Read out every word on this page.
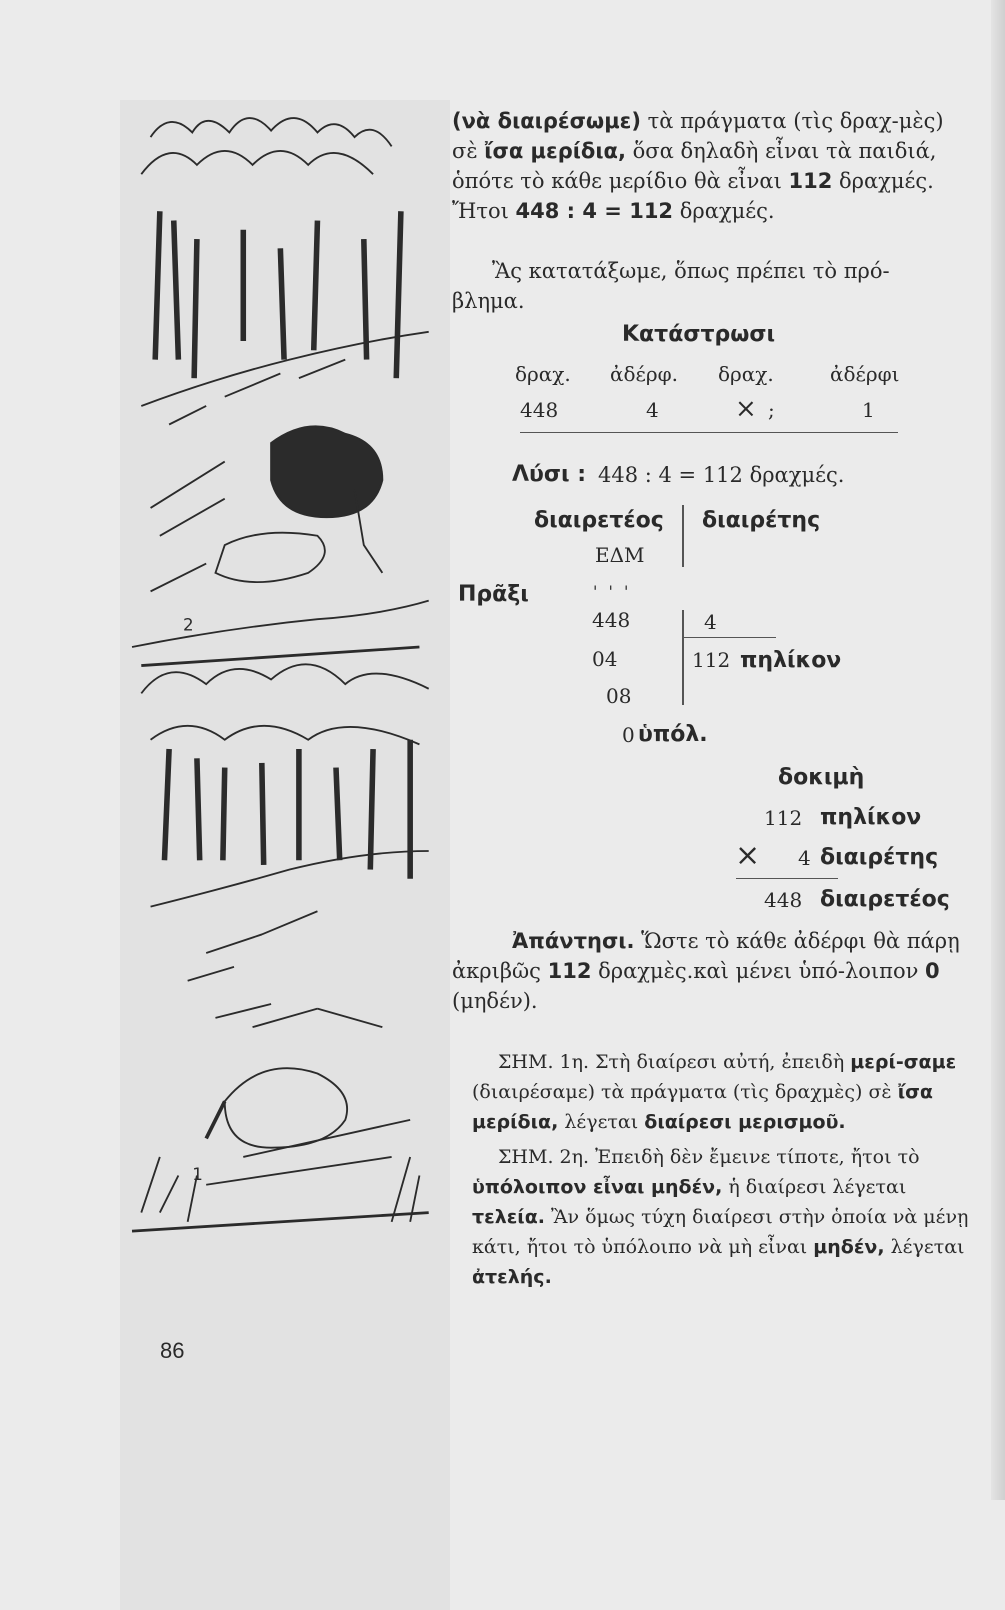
2
1

(νὰ διαιρέσωμε) τὰ πράγματα (τὶς δραχ-μὲς) σὲ ἴσα μερίδια, ὅσα δηλαδὴ εἶναι τὰ παιδιά, ὁπότε τὸ κάθε μερίδιο θὰ εἶναι 112 δραχμές. Ἤτοι 448 : 4 = 112 δραχμές.

Ἂς κατατάξωμε, ὅπως πρέπει τὸ πρό-βλημα.

Κατάστρωσι
δραχ. ἀδέρφ. δραχ.	ἀδέρφι
448	4	× ;	1
Λύσι : 448 : 4 = 112 δραχμές.
διαιρετέος διαιρέτης
ΕΔΜ
Πρᾶξι	' ' '
448	4
04	112 πηλίκον
08
0 ὑπόλ.
δοκιμὴ
112 πηλίκον
× 4 διαιρέτης
448 διαιρετέος

Ἀπάντησι. Ὥστε τὸ κάθε ἀδέρφι θὰ πάρῃ ἀκριβῶς 112 δραχμὲς.καὶ μένει ὑπό-λοιπον 0 (μηδέν).

ΣΗΜ. 1η. Στὴ διαίρεσι αὐτή, ἐπειδὴ μερί-σαμε (διαιρέσαμε) τὰ πράγματα (τὶς δραχμὲς) σὲ ἴσα μερίδια, λέγεται διαίρεσι μερισμοῦ.

ΣΗΜ. 2η. Ἐπειδὴ δὲν ἔμεινε τίποτε, ἤτοι τὸ ὑπόλοιπον εἶναι μηδέν, ἡ διαίρεσι λέγεται τελεία. Ἂν ὅμως τύχη διαίρεσι στὴν ὁποία νὰ μένῃ κάτι, ἤτοι τὸ ὑπόλοιπο νὰ μὴ εἶναι μηδέν, λέγεται ἀτελής.

86
